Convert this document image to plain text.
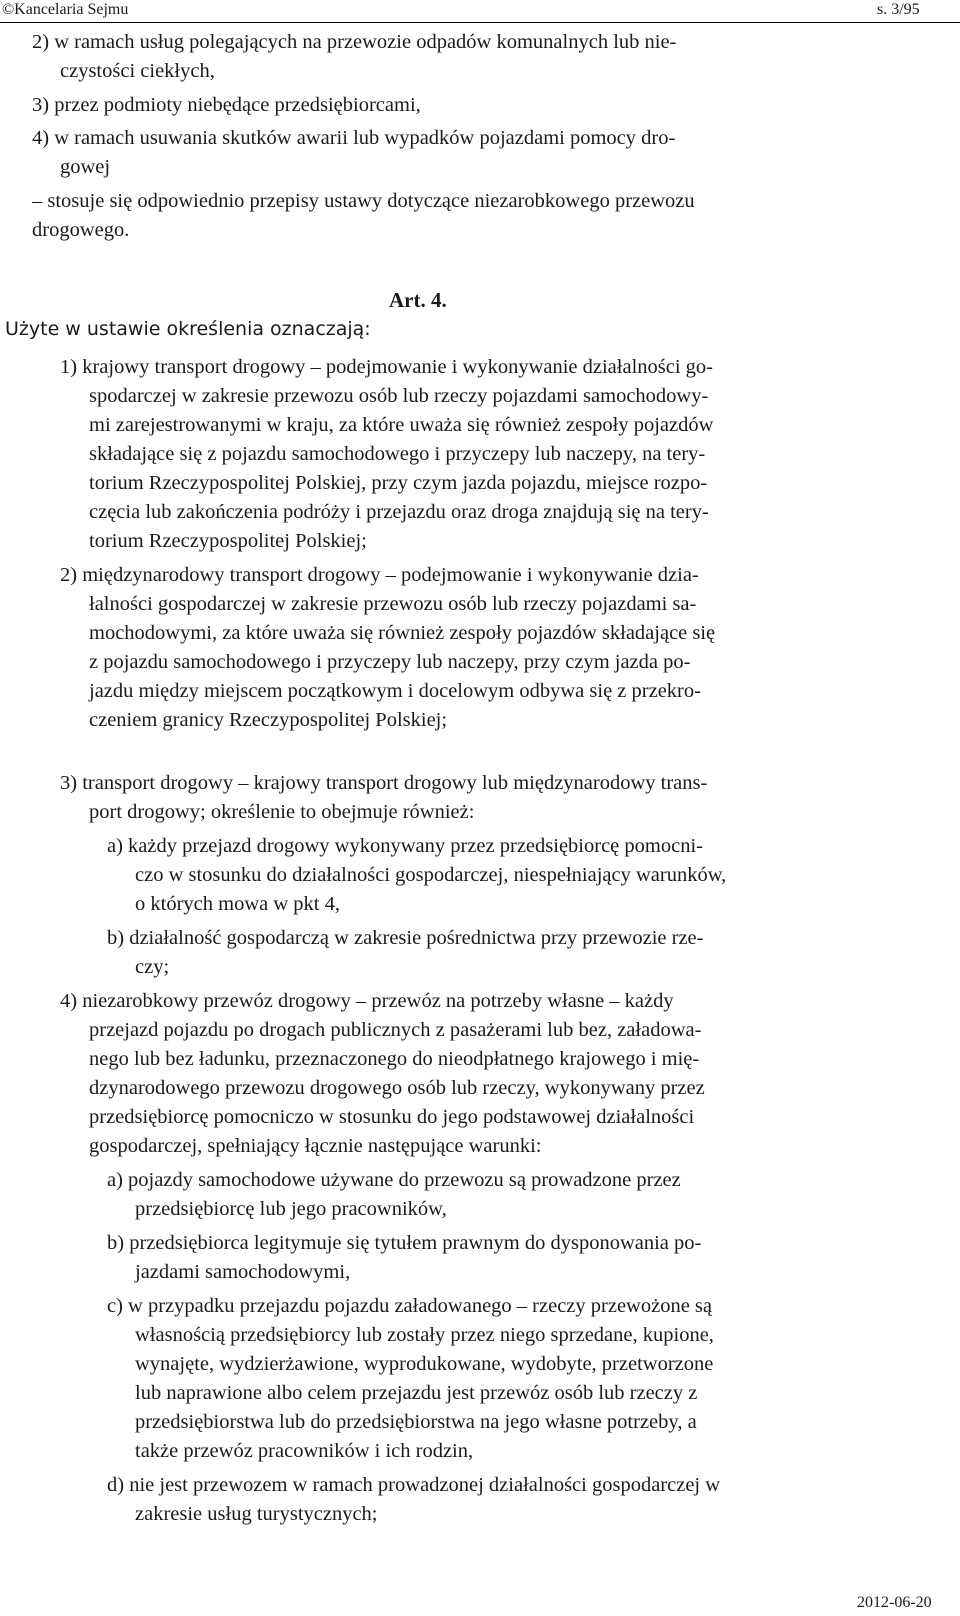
©Kancelaria Sejmu	s. 3/95
2) w ramach usług polegających na przewozie odpadów komunalnych lub nie-
czystości ciekłych,
3) przez podmioty niebędące przedsiębiorcami,
4) w ramach usuwania skutków awarii lub wypadków pojazdami pomocy dro-
gowej
– stosuje się odpowiednio przepisy ustawy dotyczące niezarobkowego przewozu
drogowego.
Art. 4.
Użyte w ustawie określenia oznaczają:
1) krajowy transport drogowy – podejmowanie i wykonywanie działalności go-
spodarczej w zakresie przewozu osób lub rzeczy pojazdami samochodowy-
mi zarejestrowanymi w kraju, za które uważa się również zespoły pojazdów
składające się z pojazdu samochodowego i przyczepy lub naczepy, na tery-
torium Rzeczypospolitej Polskiej, przy czym jazda pojazdu, miejsce rozpo-
częcia lub zakończenia podróży i przejazdu oraz droga znajdują się na tery-
torium Rzeczypospolitej Polskiej;
2) międzynarodowy transport drogowy – podejmowanie i wykonywanie dzia-
łalności gospodarczej w zakresie przewozu osób lub rzeczy pojazdami sa-
mochodowymi, za które uważa się również zespoły pojazdów składające się
z pojazdu samochodowego i przyczepy lub naczepy, przy czym jazda po-
jazdu między miejscem początkowym i docelowym odbywa się z przekro-
czeniem granicy Rzeczypospolitej Polskiej;
3) transport drogowy – krajowy transport drogowy lub międzynarodowy trans-
port drogowy; określenie to obejmuje również:
a) każdy przejazd drogowy wykonywany przez przedsiębiorcę pomocni-
czo w stosunku do działalności gospodarczej, niespełniający warunków,
o których mowa w pkt 4,
b) działalność gospodarczą w zakresie pośrednictwa przy przewozie rze-
czy;
4) niezarobkowy przewóz drogowy – przewóz na potrzeby własne – każdy
przejazd pojazdu po drogach publicznych z pasażerami lub bez, załadowa-
nego lub bez ładunku, przeznaczonego do nieodpłatnego krajowego i mię-
dzynarodowego przewozu drogowego osób lub rzeczy, wykonywany przez
przedsiębiorcę pomocniczo w stosunku do jego podstawowej działalności
gospodarczej, spełniający łącznie następujące warunki:
a) pojazdy samochodowe używane do przewozu są prowadzone przez
przedsiębiorcę lub jego pracowników,
b) przedsiębiorca legitymuje się tytułem prawnym do dysponowania po-
jazdami samochodowymi,
c) w przypadku przejazdu pojazdu załadowanego – rzeczy przewożone są
własnością przedsiębiorcy lub zostały przez niego sprzedane, kupione,
wynajęte, wydzierżawione, wyprodukowane, wydobyte, przetworzone
lub naprawione albo celem przejazdu jest przewóz osób lub rzeczy z
przedsiębiorstwa lub do przedsiębiorstwa na jego własne potrzeby, a
także przewóz pracowników i ich rodzin,
d) nie jest przewozem w ramach prowadzonej działalności gospodarczej w
zakresie usług turystycznych;
2012-06-20
